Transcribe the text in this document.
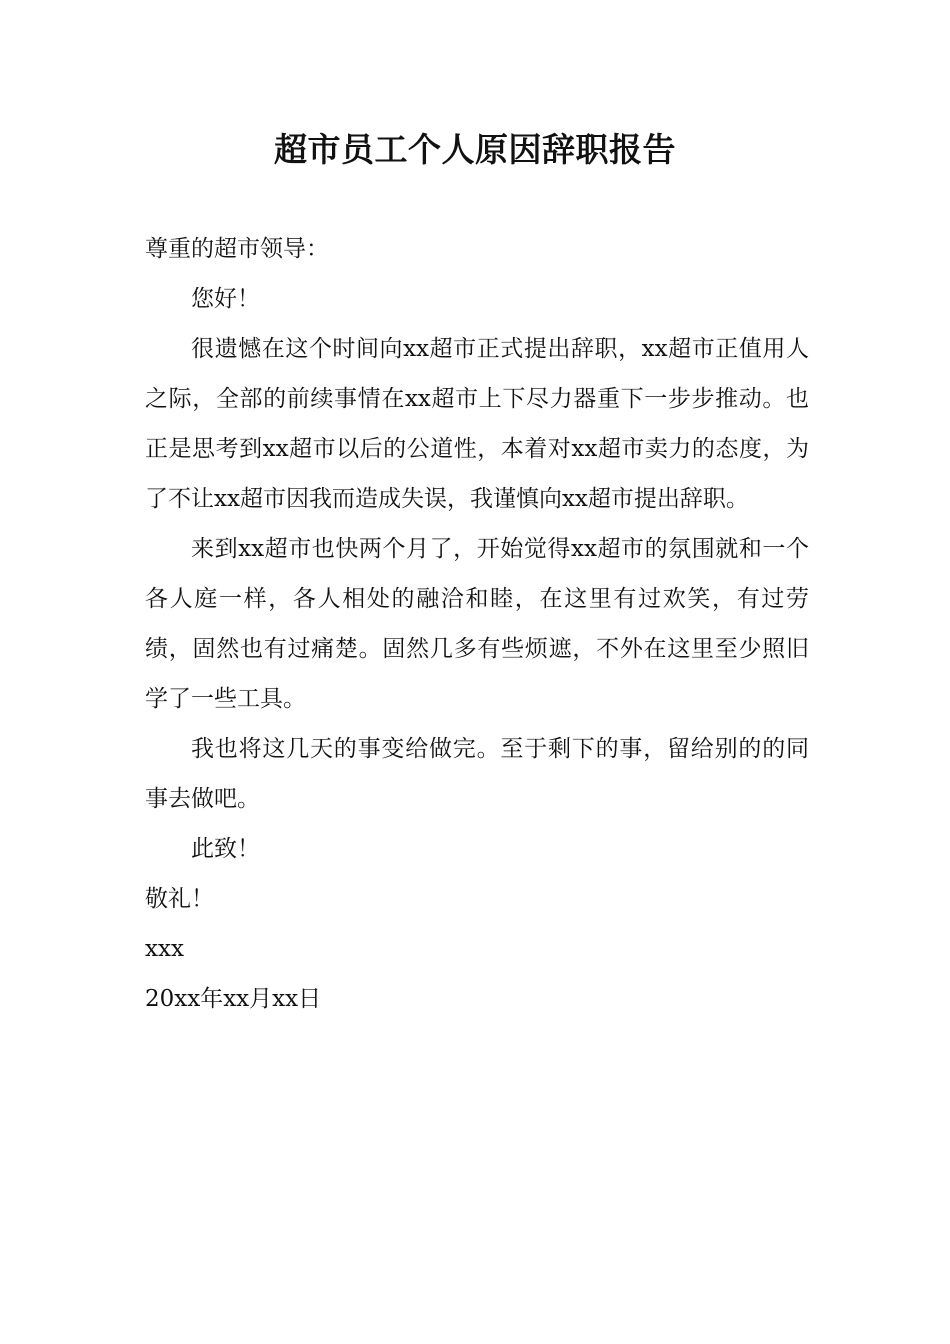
超市员工个人原因辞职报告

尊重的超市领导：

您好！

很遗憾在这个时间向xx超市正式提出辞职，xx超市正值用人之际，全部的前续事情在xx超市上下尽力器重下一步步推动。也正是思考到xx超市以后的公道性，本着对xx超市卖力的态度，为了不让xx超市因我而造成失误，我谨慎向xx超市提出辞职。

来到xx超市也快两个月了，开始觉得xx超市的氛围就和一个各人庭一样，各人相处的融洽和睦，在这里有过欢笑，有过劳绩，固然也有过痛楚。固然几多有些烦遮，不外在这里至少照旧学了一些工具。

我也将这几天的事变给做完。至于剩下的事，留给别的的同事去做吧。

此致！

敬礼！

xxx

20xx年xx月xx日
